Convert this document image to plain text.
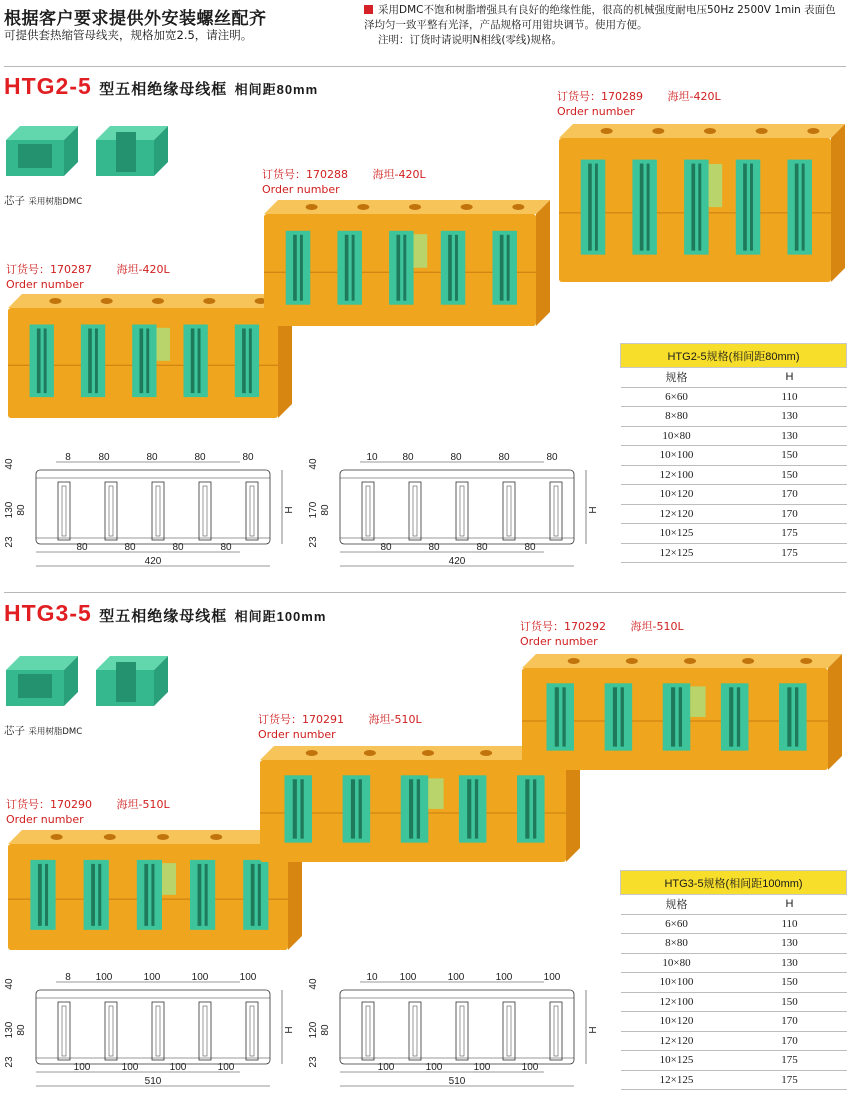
根据客户要求提供外安装螺丝配齐
可提供套热缩管母线夹，规格加宽2.5，请注明。
采用DMC不饱和树脂增强具有良好的绝缘性能，很高的机械强度耐电压50Hz 2500V 1min 表面色泽均匀一致平整有光泽，产品规格可用钳块调节。使用方便。
注明：订货时请说明N相线(零线)规格。
HTG2-5 型五相绝缘母线框 相间距80mm
芯子 采用树脂DMC
订货号：170287 海坦-420L
Order number
订货号：170288 海坦-420L
Order number
订货号：170289 海坦-420L
Order number
HTG2-5规格(相间距80mm)	
规格	H
6×60	110
8×80	130
10×80	130
10×100	150
12×100	150
10×120	170
12×120	170
10×125	175
12×125	175
40
130
23
80
8	80	80	80	80
H
80	80	80	80
420
40
170
23
80
10 80	80	80	80
H
80	80	80	80
420
HTG3-5 型五相绝缘母线框 相间距100mm
芯子 采用树脂DMC
订货号：170290 海坦-510L
Order number
订货号：170291 海坦-510L
Order number
订货号：170292 海坦-510L
Order number
HTG3-5规格(相间距100mm)	
规格	H
6×60	110
8×80	130
10×80	130
10×100	150
12×100	150
10×120	170
12×120	170
10×125	175
12×125	175
40
130
23
80
8 100	100	100	100
H
100	100	100	100
510
40
120
23
80
10 100	100	100	100
H
100	100	100	100
510
